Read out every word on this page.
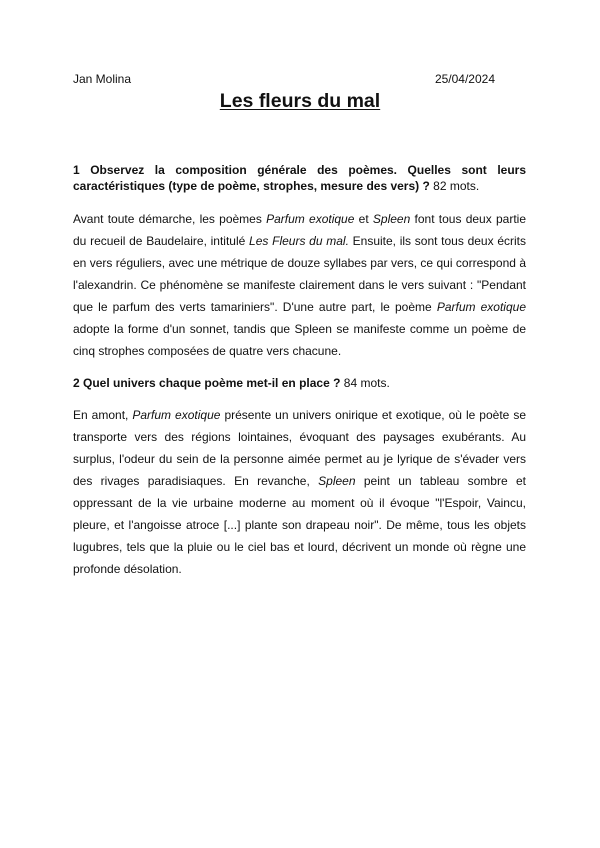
Jan Molina	25/04/2024
Les fleurs du mal

1 Observez la composition générale des poèmes. Quelles sont leurs caractéristiques (type de poème, strophes, mesure des vers) ? 82 mots.

Avant toute démarche, les poèmes Parfum exotique et Spleen font tous deux partie du recueil de Baudelaire, intitulé Les Fleurs du mal. Ensuite, ils sont tous deux écrits en vers réguliers, avec une métrique de douze syllabes par vers, ce qui correspond à l'alexandrin. Ce phénomène se manifeste clairement dans le vers suivant : "Pendant que le parfum des verts tamariniers". D'une autre part, le poème Parfum exotique adopte la forme d'un sonnet, tandis que Spleen se manifeste comme un poème de cinq strophes composées de quatre vers chacune.

2 Quel univers chaque poème met-il en place ? 84 mots.

En amont, Parfum exotique présente un univers onirique et exotique, où le poète se transporte vers des régions lointaines, évoquant des paysages exubérants. Au surplus, l'odeur du sein de la personne aimée permet au je lyrique de s'évader vers des rivages paradisiaques. En revanche, Spleen peint un tableau sombre et oppressant de la vie urbaine moderne au moment où il évoque "l'Espoir, Vaincu, pleure, et l'angoisse atroce [...] plante son drapeau noir". De même, tous les objets lugubres, tels que la pluie ou le ciel bas et lourd, décrivent un monde où règne une profonde désolation.
